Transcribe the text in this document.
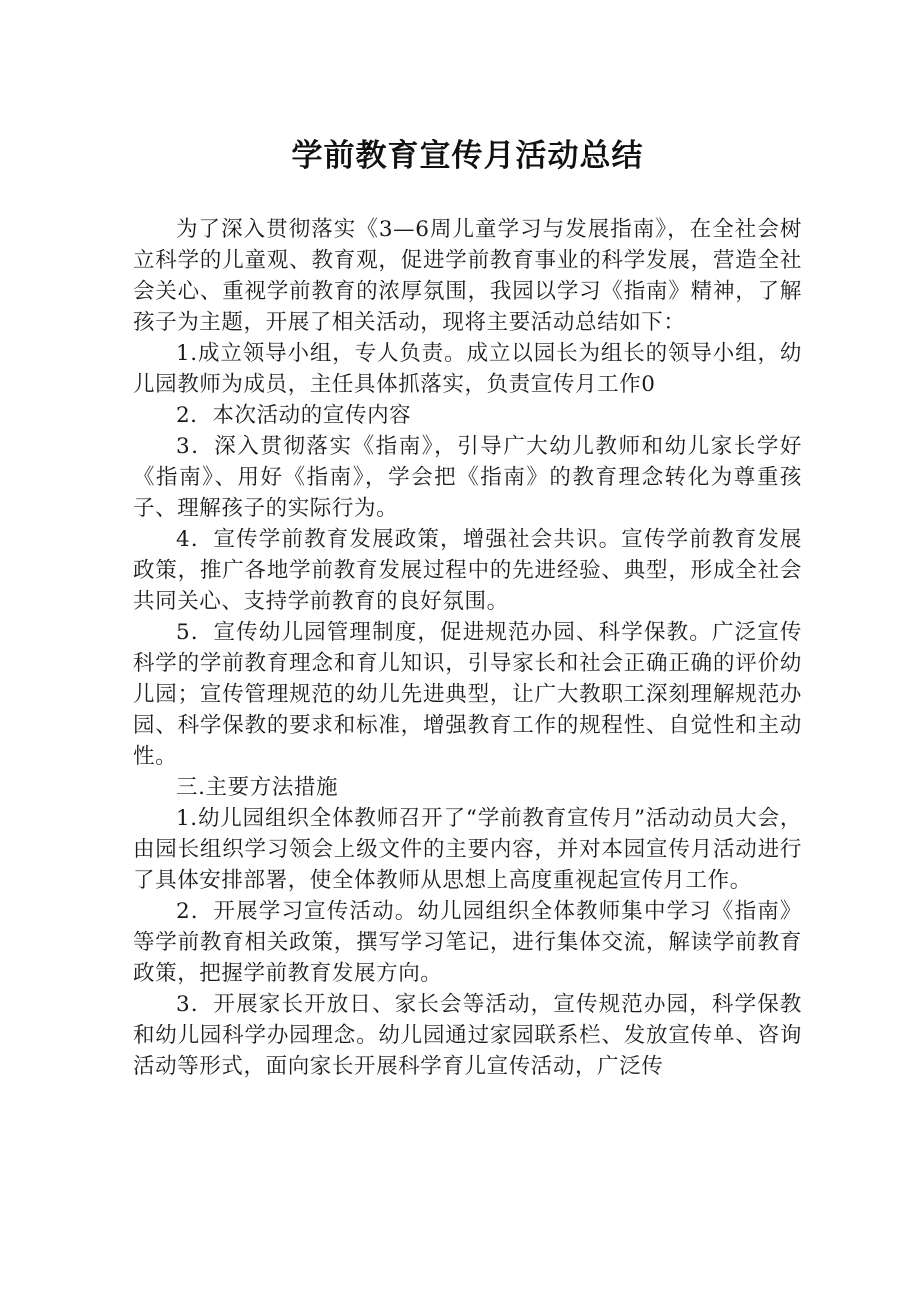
学前教育宣传月活动总结

为了深入贯彻落实《3—6周儿童学习与发展指南》，在全社会树立科学的儿童观、教育观，促进学前教育事业的科学发展，营造全社会关心、重视学前教育的浓厚氛围，我园以学习《指南》精神，了解孩子为主题，开展了相关活动，现将主要活动总结如下：

1.成立领导小组，专人负责。成立以园长为组长的领导小组，幼儿园教师为成员，主任具体抓落实，负责宣传月工作0

2．本次活动的宣传内容

3．深入贯彻落实《指南》，引导广大幼儿教师和幼儿家长学好《指南》、用好《指南》，学会把《指南》的教育理念转化为尊重孩子、理解孩子的实际行为。

4．宣传学前教育发展政策，增强社会共识。宣传学前教育发展政策，推广各地学前教育发展过程中的先进经验、典型，形成全社会共同关心、支持学前教育的良好氛围。

5．宣传幼儿园管理制度，促进规范办园、科学保教。广泛宣传科学的学前教育理念和育儿知识，引导家长和社会正确正确的评价幼儿园；宣传管理规范的幼儿先进典型，让广大教职工深刻理解规范办园、科学保教的要求和标准，增强教育工作的规程性、自觉性和主动性。

三.主要方法措施

1.幼儿园组织全体教师召开了“学前教育宣传月”活动动员大会，由园长组织学习领会上级文件的主要内容，并对本园宣传月活动进行了具体安排部署，使全体教师从思想上高度重视起宣传月工作。

2．开展学习宣传活动。幼儿园组织全体教师集中学习《指南》等学前教育相关政策，撰写学习笔记，进行集体交流，解读学前教育政策，把握学前教育发展方向。

3．开展家长开放日、家长会等活动，宣传规范办园，科学保教和幼儿园科学办园理念。幼儿园通过家园联系栏、发放宣传单、咨询活动等形式，面向家长开展科学育儿宣传活动，广泛传
